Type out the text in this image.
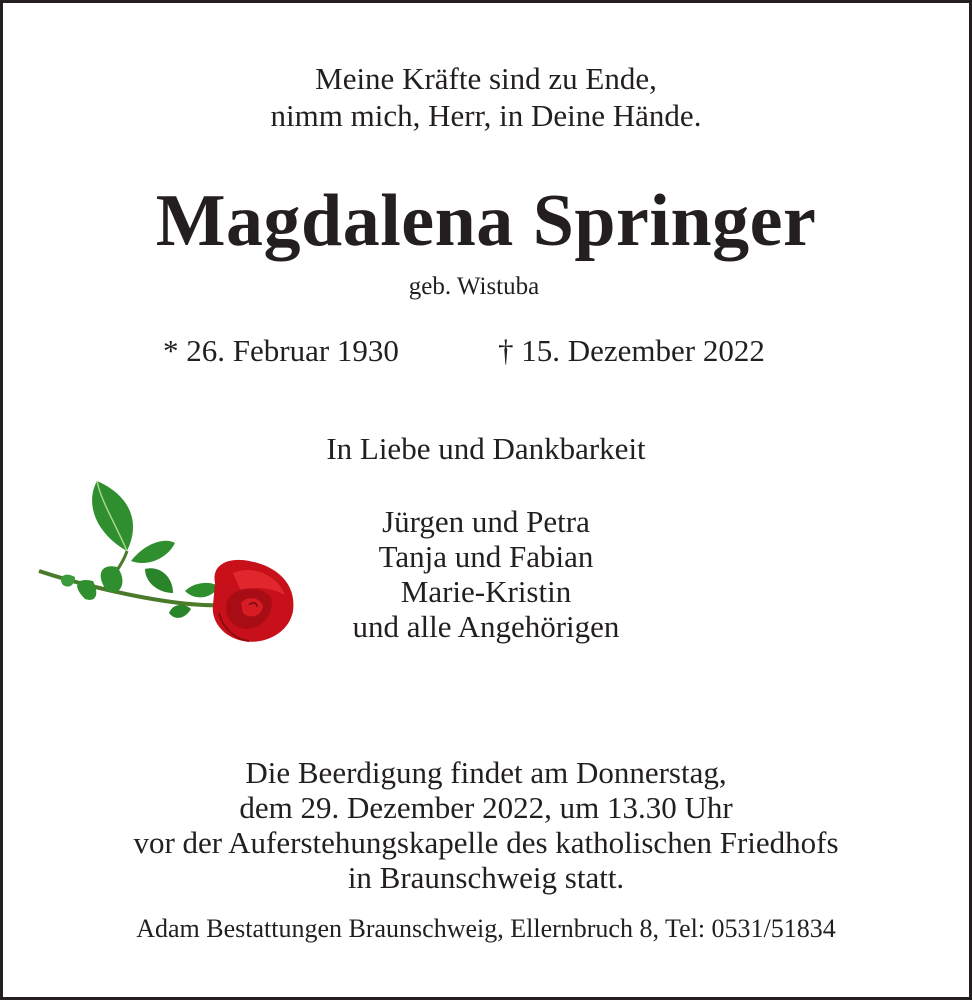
Meine Kräfte sind zu Ende,
nimm mich, Herr, in Deine Hände.
Magdalena Springer
geb. Wistuba
* 26. Februar 1930	† 15. Dezember 2022
In Liebe und Dankbarkeit
Jürgen und Petra
Tanja und Fabian
Marie-Kristin
und alle Angehörigen
Die Beerdigung findet am Donnerstag,
dem 29. Dezember 2022, um 13.30 Uhr
vor der Auferstehungskapelle des katholischen Friedhofs
in Braunschweig statt.
Adam Bestattungen Braunschweig, Ellernbruch 8, Tel: 0531/51834
